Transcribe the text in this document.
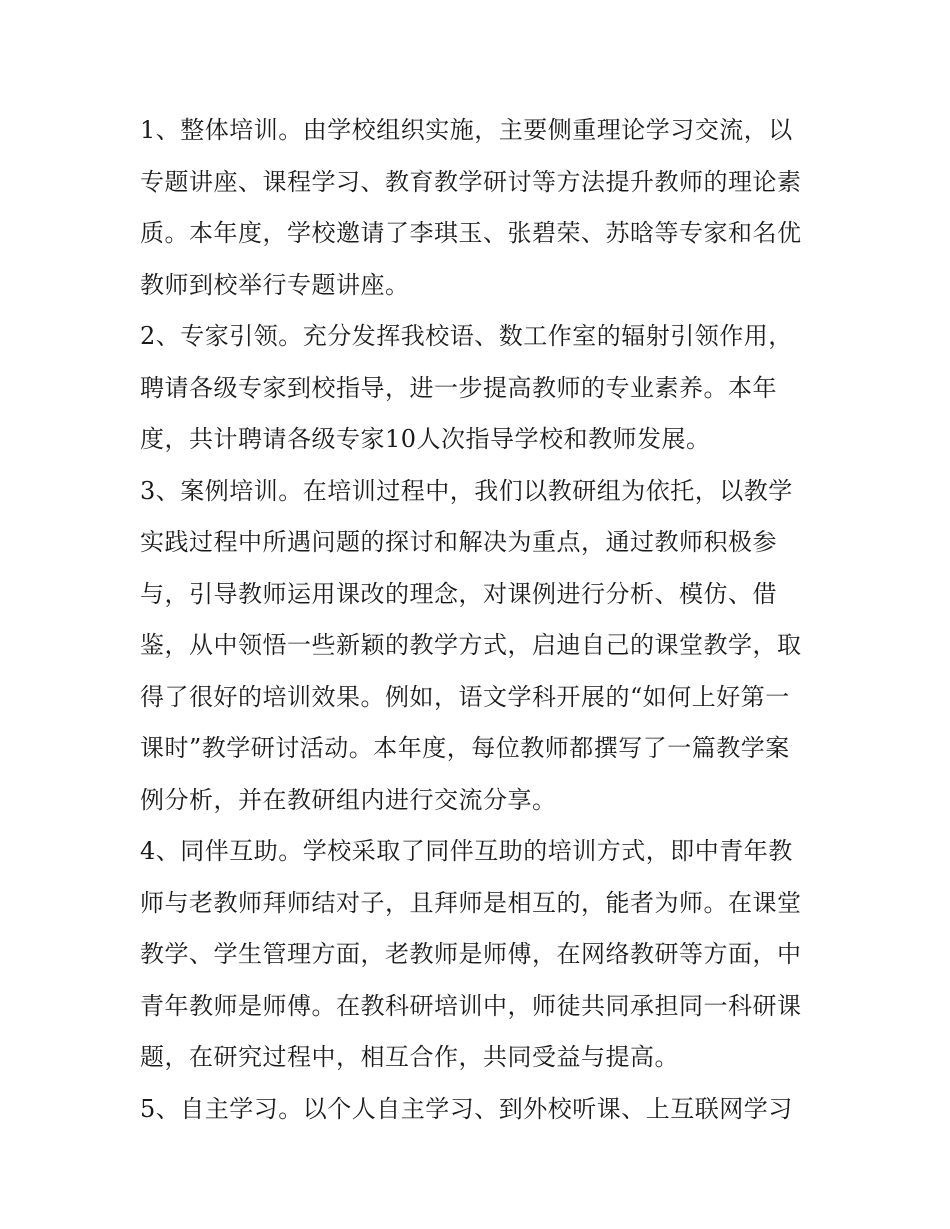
1、整体培训。由学校组织实施，主要侧重理论学习交流，以
专题讲座、课程学习、教育教学研讨等方法提升教师的理论素
质。本年度，学校邀请了李琪玉、张碧荣、苏晗等专家和名优
教师到校举行专题讲座。
2、专家引领。充分发挥我校语、数工作室的辐射引领作用，
聘请各级专家到校指导，进一步提高教师的专业素养。本年
度，共计聘请各级专家10人次指导学校和教师发展。
3、案例培训。在培训过程中，我们以教研组为依托，以教学
实践过程中所遇问题的探讨和解决为重点，通过教师积极参
与，引导教师运用课改的理念，对课例进行分析、模仿、借
鉴，从中领悟一些新颖的教学方式，启迪自己的课堂教学，取
得了很好的培训效果。例如，语文学科开展的“如何上好第一
课时”教学研讨活动。本年度，每位教师都撰写了一篇教学案
例分析，并在教研组内进行交流分享。
4、同伴互助。学校采取了同伴互助的培训方式，即中青年教
师与老教师拜师结对子，且拜师是相互的，能者为师。在课堂
教学、学生管理方面，老教师是师傅，在网络教研等方面，中
青年教师是师傅。在教科研培训中，师徒共同承担同一科研课
题，在研究过程中，相互合作，共同受益与提高。
5、自主学习。以个人自主学习、到外校听课、上互联网学习
